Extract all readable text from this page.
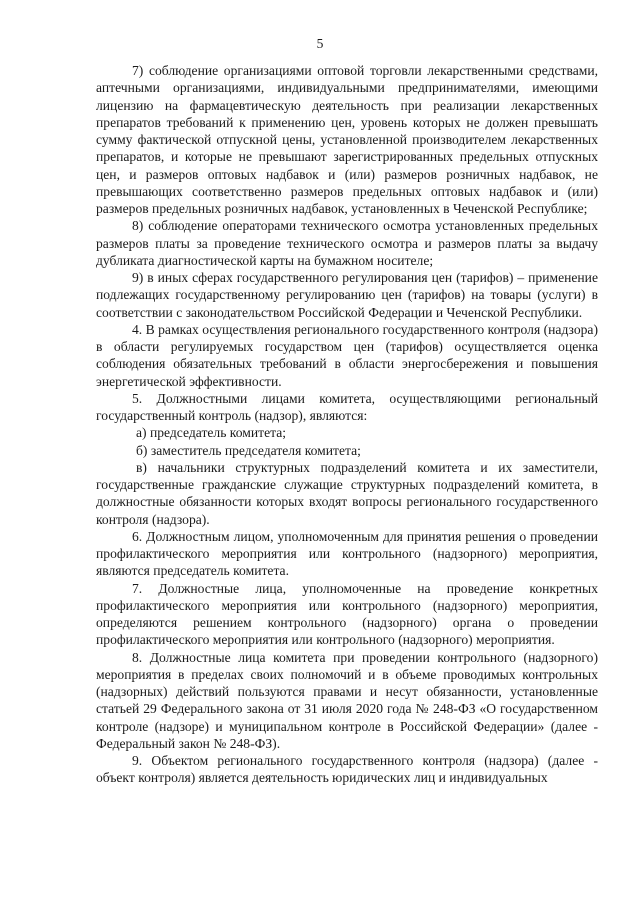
5

7) соблюдение организациями оптовой торговли лекарственными средствами, аптечными организациями, индивидуальными предпринимателями, имеющими лицензию на фармацевтическую деятельность при реализации лекарственных препаратов требований к применению цен, уровень которых не должен превышать сумму фактической отпускной цены, установленной производителем лекарственных препаратов, и которые не превышают зарегистрированных предельных отпускных цен, и размеров оптовых надбавок и (или) размеров розничных надбавок, не превышающих соответственно размеров предельных оптовых надбавок и (или) размеров предельных розничных надбавок, установленных в Чеченской Республике;

8) соблюдение операторами технического осмотра установленных предельных размеров платы за проведение технического осмотра и размеров платы за выдачу дубликата диагностической карты на бумажном носителе;

9) в иных сферах государственного регулирования цен (тарифов) – применение подлежащих государственному регулированию цен (тарифов) на товары (услуги) в соответствии с законодательством Российской Федерации и Чеченской Республики.

4. В рамках осуществления регионального государственного контроля (надзора) в области регулируемых государством цен (тарифов) осуществляется оценка соблюдения обязательных требований в области энергосбережения и повышения энергетической эффективности.

5. Должностными лицами комитета, осуществляющими региональный государственный контроль (надзор), являются:

а) председатель комитета;

б) заместитель председателя комитета;

в) начальники структурных подразделений комитета и их заместители, государственные гражданские служащие структурных подразделений комитета, в должностные обязанности которых входят вопросы регионального государственного контроля (надзора).

6. Должностным лицом, уполномоченным для принятия решения о проведении профилактического мероприятия или контрольного (надзорного) мероприятия, являются председатель комитета.

7. Должностные лица, уполномоченные на проведение конкретных профилактического мероприятия или контрольного (надзорного) мероприятия, определяются решением контрольного (надзорного) органа о проведении профилактического мероприятия или контрольного (надзорного) мероприятия.

8. Должностные лица комитета при проведении контрольного (надзорного) мероприятия в пределах своих полномочий и в объеме проводимых контрольных (надзорных) действий пользуются правами и несут обязанности, установленные статьей 29 Федерального закона от 31 июля 2020 года № 248-ФЗ «О государственном контроле (надзоре) и муниципальном контроле в Российской Федерации» (далее - Федеральный закон № 248-ФЗ).

9. Объектом регионального государственного контроля (надзора) (далее - объект контроля) является деятельность юридических лиц и индивидуальных
